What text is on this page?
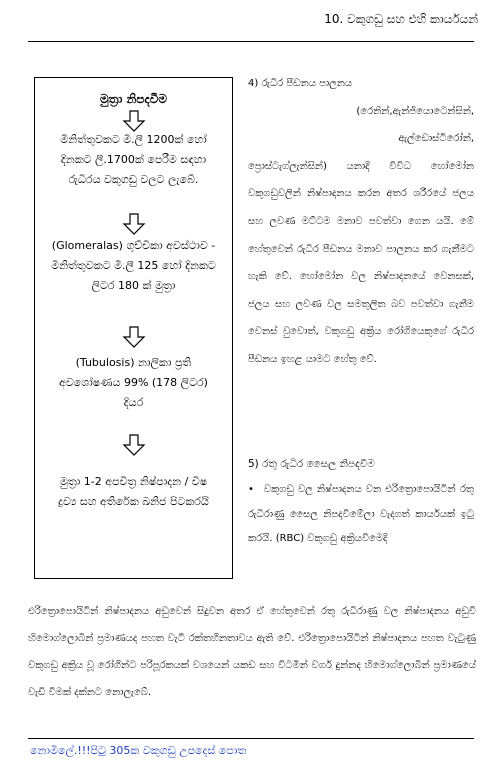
10. වකුගඩු සහ එහි කාර්යයන්
මුත්‍රා නිපදවීම
මිනිත්තුවකට මි.ලී 1200ක් හෝ දිනකට ලී.1700ක් පෙරීම සඳහා රුධිරය වකුගඩු වලට ලැබේ.
(Glomeralas) ගුච්චිකා අවස්ථාව - මිනිත්තුවකට මි.ලී 125 හෝ දිනකට ලිටර 180 ක් මුත්‍රා
(Tubulosis) නාලිකා ප්‍රති අවශෝෂණය 99% (178 ලිටර) දියර
මුත්‍රා 1-2 අපවිත්‍ර නිෂ්පාදන / විෂ ද්‍රව්‍ය සහ අතිරේක ඛනිජ පිටකරයි

4) රුධිර පීඩනය පාලනය

(රෙනින්,ඇන්ජියොටෙන්සින්,

ඇල්ඩොස්ටිරෝන්,

ප්‍රොස්ටැග්ලැන්සින්) යනාදි විවිධ හෝමෝන වකුගඩුවලින් නිෂ්පාදනය කරන අතර ශරීරයේ ජලය සහ ලවණ මට්ටම මනාව පවත්වා ගෙන යයි. මේ හේතුවෙන් රුධිර පීඩනය මනාව පාලනය කර ගැනීමට හැකි වේ. හෝමෝන වල නිෂ්පාදනයේ වෙනසක්, ජලය සහ ලවණ වල සමතුලිත බව පවත්වා ගැනීම වෙනස් වුවොත්, වකුගඩු අක්‍රිය රෝගියෙකුගේ රුධිර පීඩනය ඉහළ යාමට හේතු වේ.

5) රතු රුධිර සෛල නිපදවීම
• වකුගඩු වල නිෂ්පාදනය වන එරිත්‍රොපොයිටින් රතු රුධිරාණු සෛල නිපදවීමේලා වැදගත් කාර්යයක් ඉටු කරයි. (RBC) වකුගඩු අක්‍රියවීමෙදි
එරිත්‍රොපොයිටින් නිෂ්පාදනය අඩුවෙන් සිදුවන අතර ඒ හේතුවෙන් රතු රුධිරාණු වල නිෂ්පාදනය අඩුවී හිමොග්ලොබින් ප්‍රමාණයද පහත වැටී රක්තහීනතාවය ඇති වේ. එරිත්‍රොපොයිටින් නිෂ්පාදනය පහත වැටුණු වකුගඩු අක්‍රිය වූ රෝගීන්ට පරිපූරකයක් වශයෙන් යකඩ සහ විටමින් වර්ග දුන්නද හිමොග්ලොබින් ප්‍රමාණයේ වැඩි වීමක් දක්නට නොලැබේ.
නොමිලේ.!!!පිටු 305ක වකුගඩු උපදෙස් පොත
